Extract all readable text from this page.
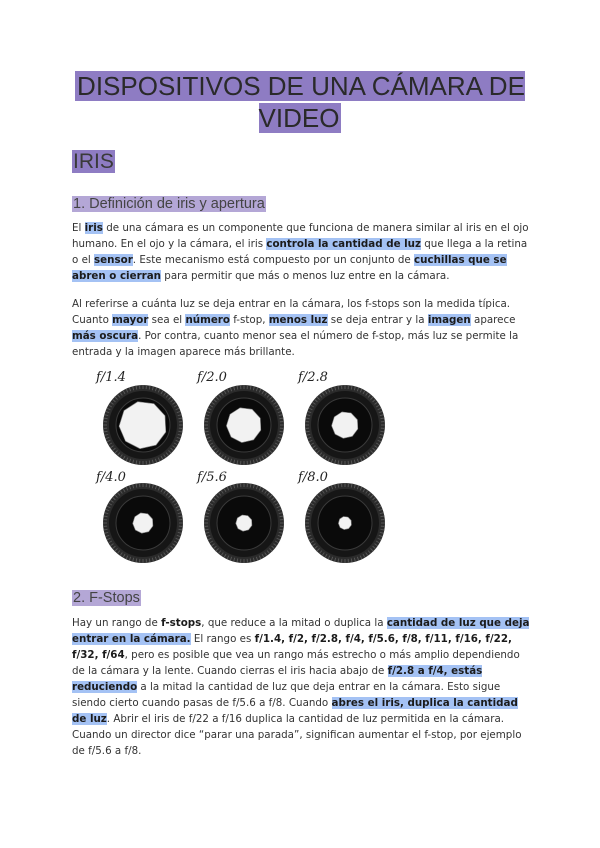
DISPOSITIVOS DE UNA CÁMARA DE VIDEO
IRIS
1. Definición de iris y apertura
El iris de una cámara es un componente que funciona de manera similar al iris en el ojo humano. En el ojo y la cámara, el iris controla la cantidad de luz que llega a la retina o el sensor. Este mecanismo está compuesto por un conjunto de cuchillas que se abren o cierran para permitir que más o menos luz entre en la cámara.
Al referirse a cuánta luz se deja entrar en la cámara, los f-stops son la medida típica. Cuanto mayor sea el número f-stop, menos luz se deja entrar y la imagen aparece más oscura. Por contra, cuanto menor sea el número de f-stop, más luz se permite la entrada y la imagen aparece más brillante.
f/1.4	f/2.0	f/2.8
f/4.0	f/5.6	f/8.0
2. F-Stops
Hay un rango de f-stops, que reduce a la mitad o duplica la cantidad de luz que deja entrar en la cámara. El rango es f/1.4, f/2, f/2.8, f/4, f/5.6, f/8, f/11, f/16, f/22, f/32, f/64, pero es posible que vea un rango más estrecho o más amplio dependiendo de la cámara y la lente. Cuando cierras el iris hacia abajo de f/2.8 a f/4, estás reduciendo a la mitad la cantidad de luz que deja entrar en la cámara. Esto sigue siendo cierto cuando pasas de f/5.6 a f/8. Cuando abres el iris, duplica la cantidad de luz. Abrir el iris de f/22 a f/16 duplica la cantidad de luz permitida en la cámara. Cuando un director dice “parar una parada”, significan aumentar el f-stop, por ejemplo de f/5.6 a f/8.
